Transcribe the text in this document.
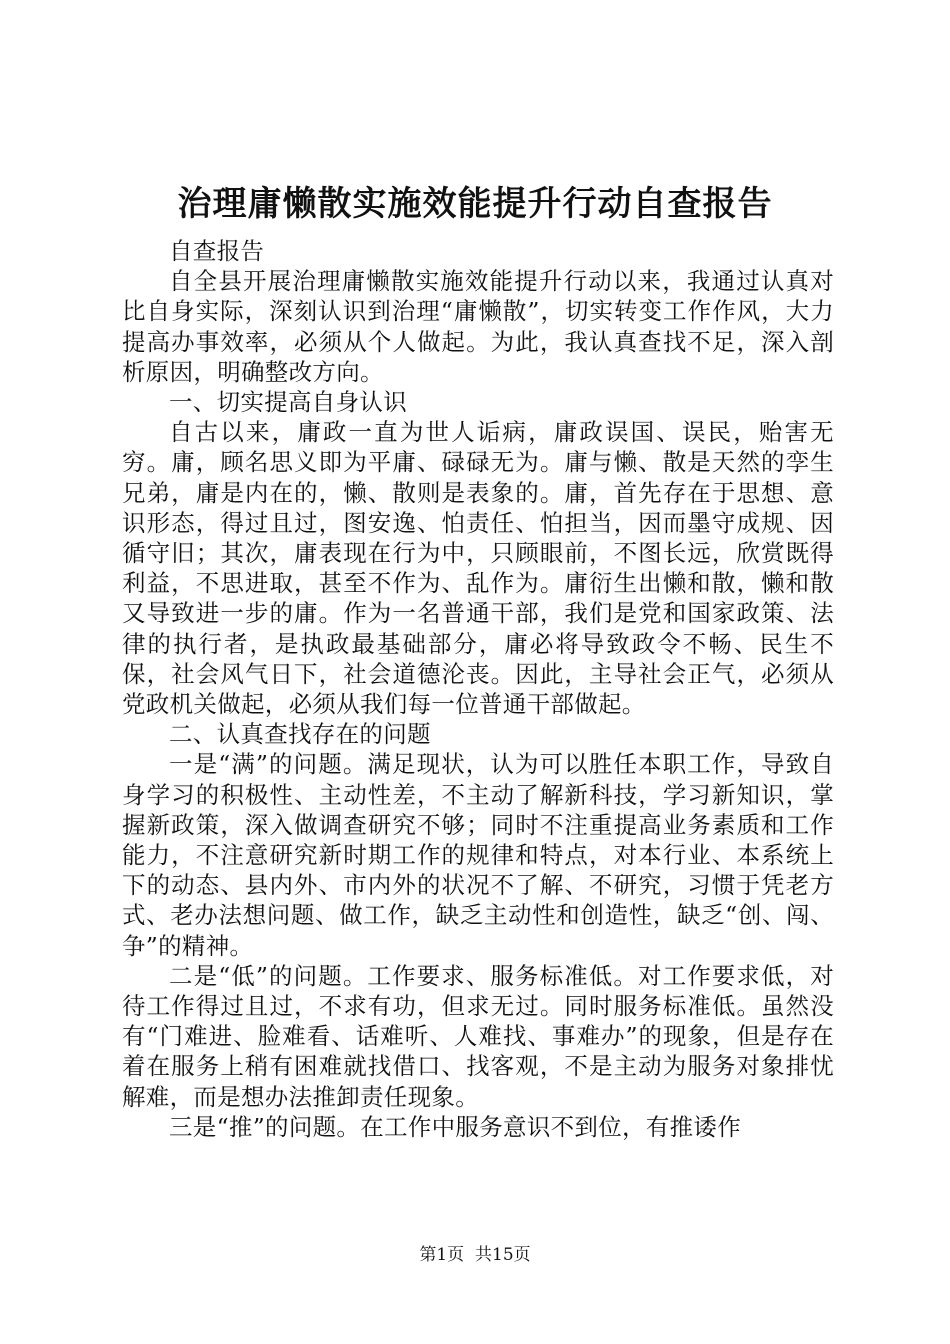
治理庸懒散实施效能提升行动自查报告

自查报告

自全县开展治理庸懒散实施效能提升行动以来，我通过认真对比自身实际，深刻认识到治理“庸懒散”，切实转变工作作风，大力提高办事效率，必须从个人做起。为此，我认真查找不足，深入剖析原因，明确整改方向。

一、切实提高自身认识

自古以来，庸政一直为世人诟病，庸政误国、误民，贻害无穷。庸，顾名思义即为平庸、碌碌无为。庸与懒、散是天然的孪生兄弟，庸是内在的，懒、散则是表象的。庸，首先存在于思想、意识形态，得过且过，图安逸、怕责任、怕担当，因而墨守成规、因循守旧；其次，庸表现在行为中，只顾眼前，不图长远，欣赏既得利益，不思进取，甚至不作为、乱作为。庸衍生出懒和散，懒和散又导致进一步的庸。作为一名普通干部，我们是党和国家政策、法律的执行者，是执政最基础部分，庸必将导致政令不畅、民生不保，社会风气日下，社会道德沦丧。因此，主导社会正气，必须从党政机关做起，必须从我们每一位普通干部做起。

二、认真查找存在的问题

一是“满”的问题。满足现状，认为可以胜任本职工作，导致自身学习的积极性、主动性差，不主动了解新科技，学习新知识，掌握新政策，深入做调查研究不够；同时不注重提高业务素质和工作能力，不注意研究新时期工作的规律和特点，对本行业、本系统上下的动态、县内外、市内外的状况不了解、不研究，习惯于凭老方式、老办法想问题、做工作，缺乏主动性和创造性，缺乏“创、闯、争”的精神。

二是“低”的问题。工作要求、服务标准低。对工作要求低，对待工作得过且过，不求有功，但求无过。同时服务标准低。虽然没有“门难进、脸难看、话难听、人难找、事难办”的现象，但是存在着在服务上稍有困难就找借口、找客观，不是主动为服务对象排忧解难，而是想办法推卸责任现象。

三是“推”的问题。在工作中服务意识不到位，有推诿作

第1页 共15页
